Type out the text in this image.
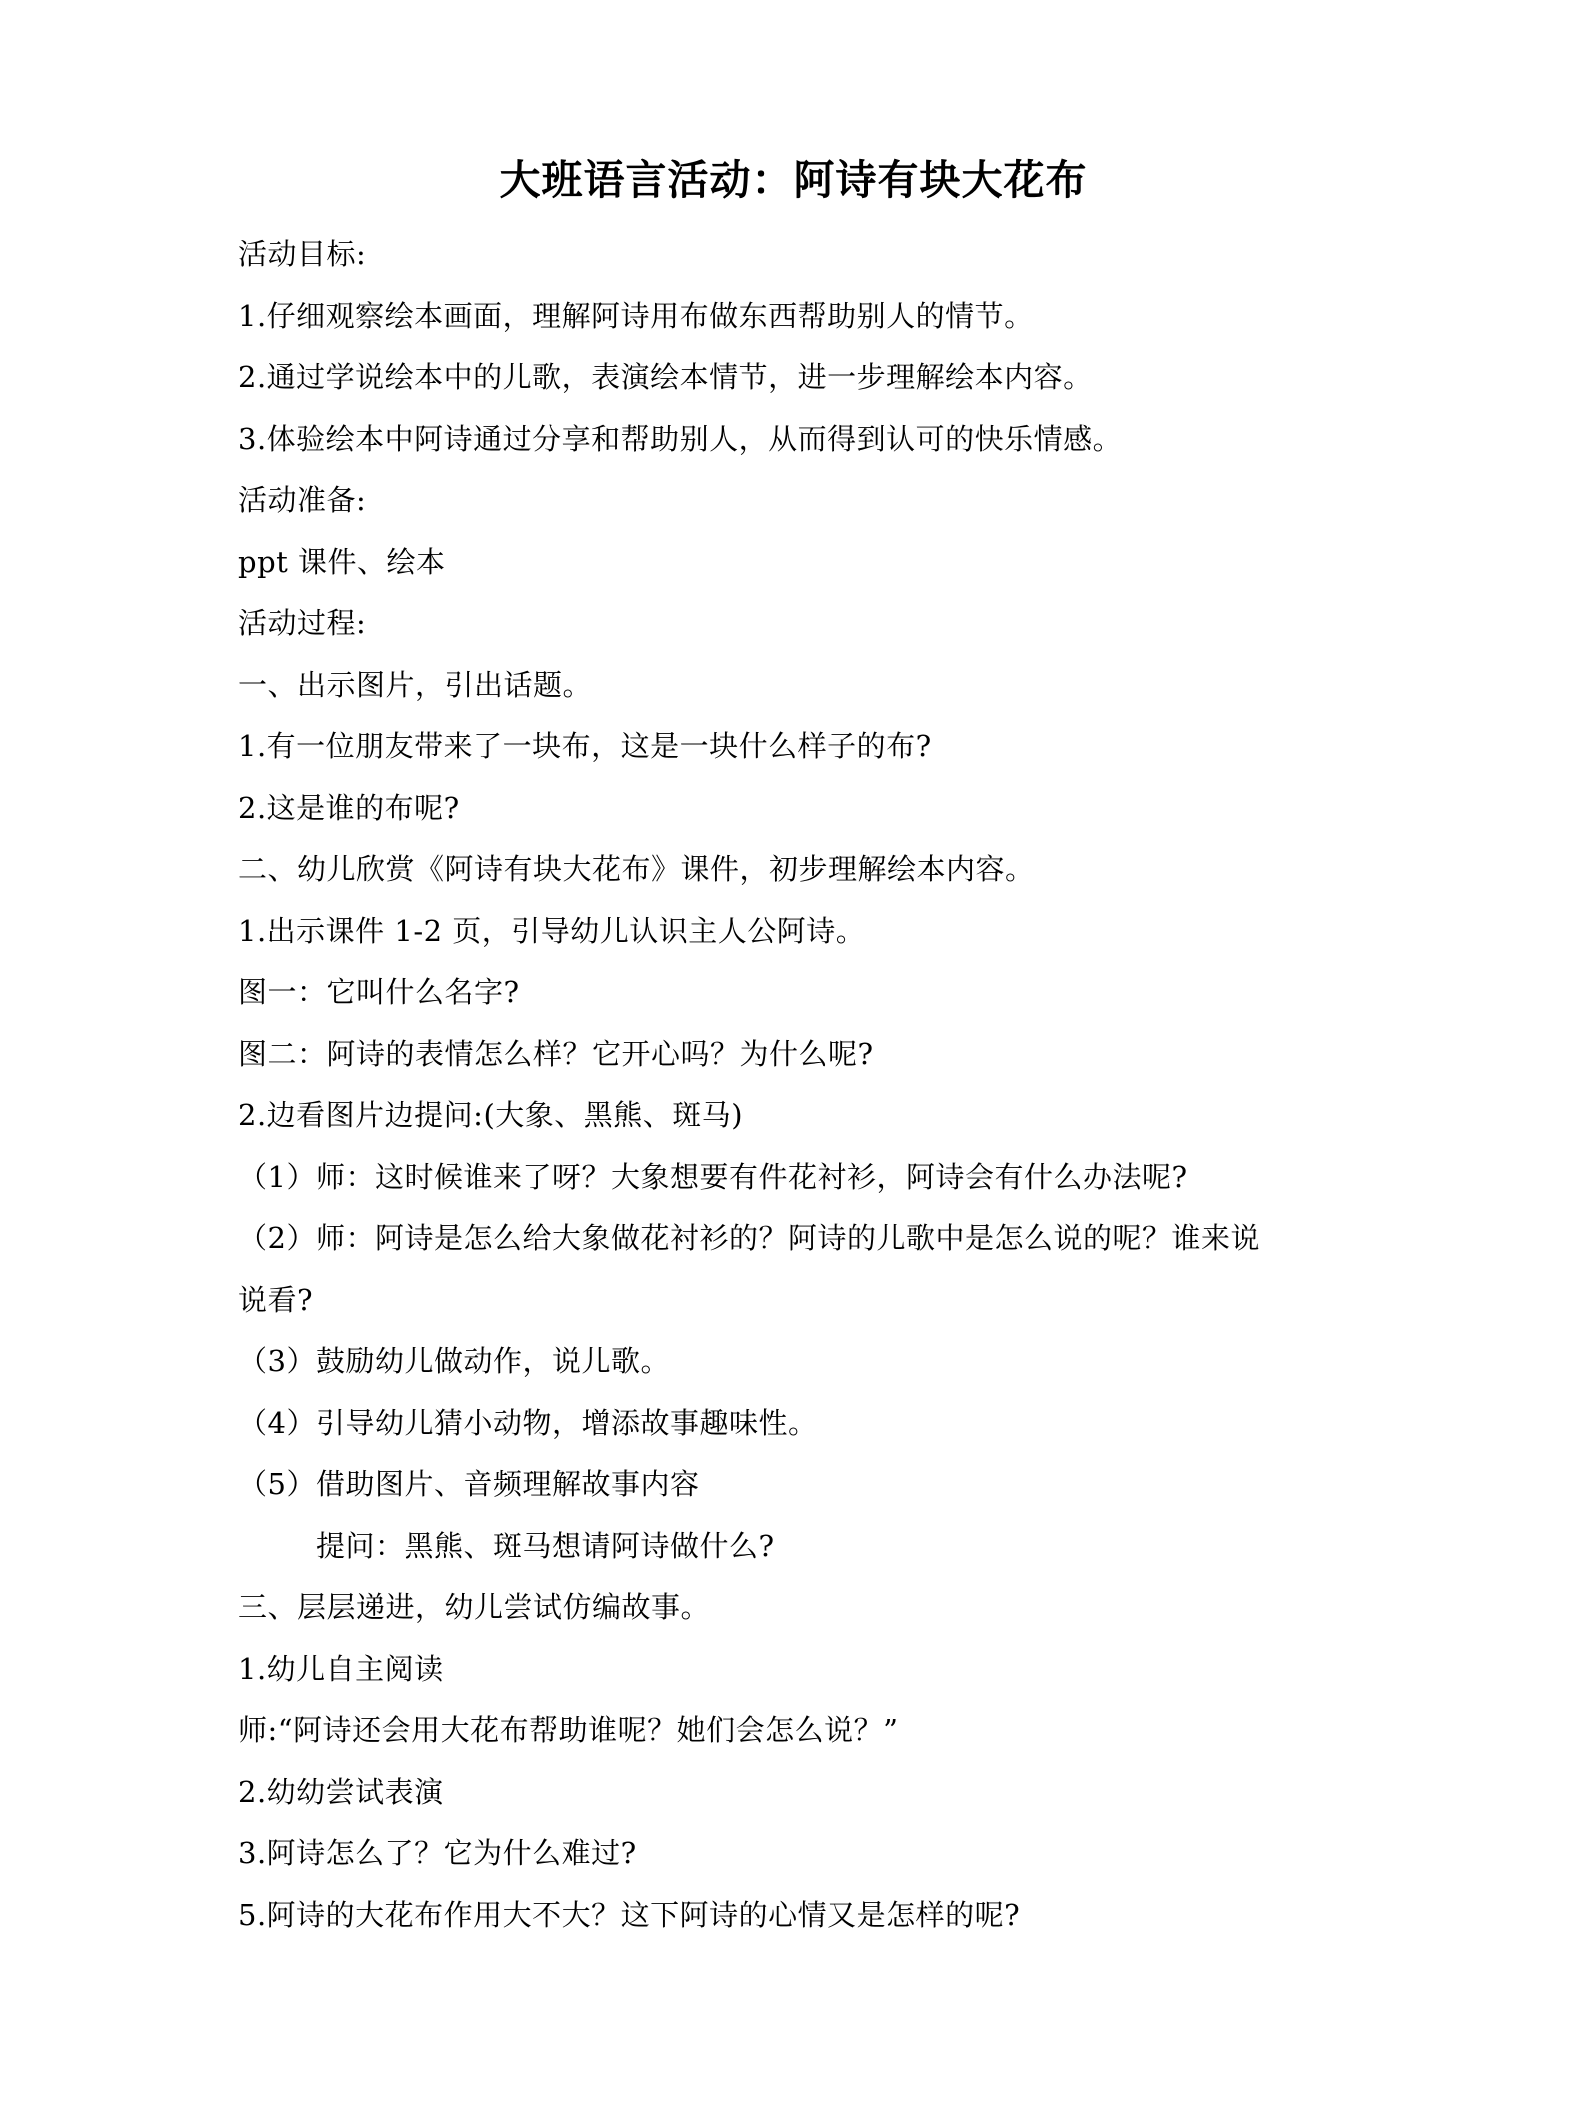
大班语言活动：阿诗有块大花布
活动目标:
1.仔细观察绘本画面，理解阿诗用布做东西帮助别人的情节。
2.通过学说绘本中的儿歌，表演绘本情节，进一步理解绘本内容。
3.体验绘本中阿诗通过分享和帮助别人，从而得到认可的快乐情感。
活动准备:
ppt 课件、绘本
活动过程:
一、出示图片，引出话题。
1.有一位朋友带来了一块布，这是一块什么样子的布?
2.这是谁的布呢?
二、幼儿欣赏《阿诗有块大花布》课件，初步理解绘本内容。
1.出示课件 1-2 页，引导幼儿认识主人公阿诗。
图一：它叫什么名字?
图二：阿诗的表情怎么样？它开心吗？为什么呢?
2.边看图片边提问:(大象、黑熊、斑马)
（1）师：这时候谁来了呀？大象想要有件花衬衫，阿诗会有什么办法呢?
（2）师：阿诗是怎么给大象做花衬衫的？阿诗的儿歌中是怎么说的呢？谁来说
说看?
（3）鼓励幼儿做动作，说儿歌。
（4）引导幼儿猜小动物，增添故事趣味性。
（5）借助图片、音频理解故事内容
提问：黑熊、斑马想请阿诗做什么?
三、层层递进，幼儿尝试仿编故事。
1.幼儿自主阅读
师:“阿诗还会用大花布帮助谁呢？她们会怎么说？”
2.幼幼尝试表演
3.阿诗怎么了？它为什么难过?
5.阿诗的大花布作用大不大？这下阿诗的心情又是怎样的呢?
